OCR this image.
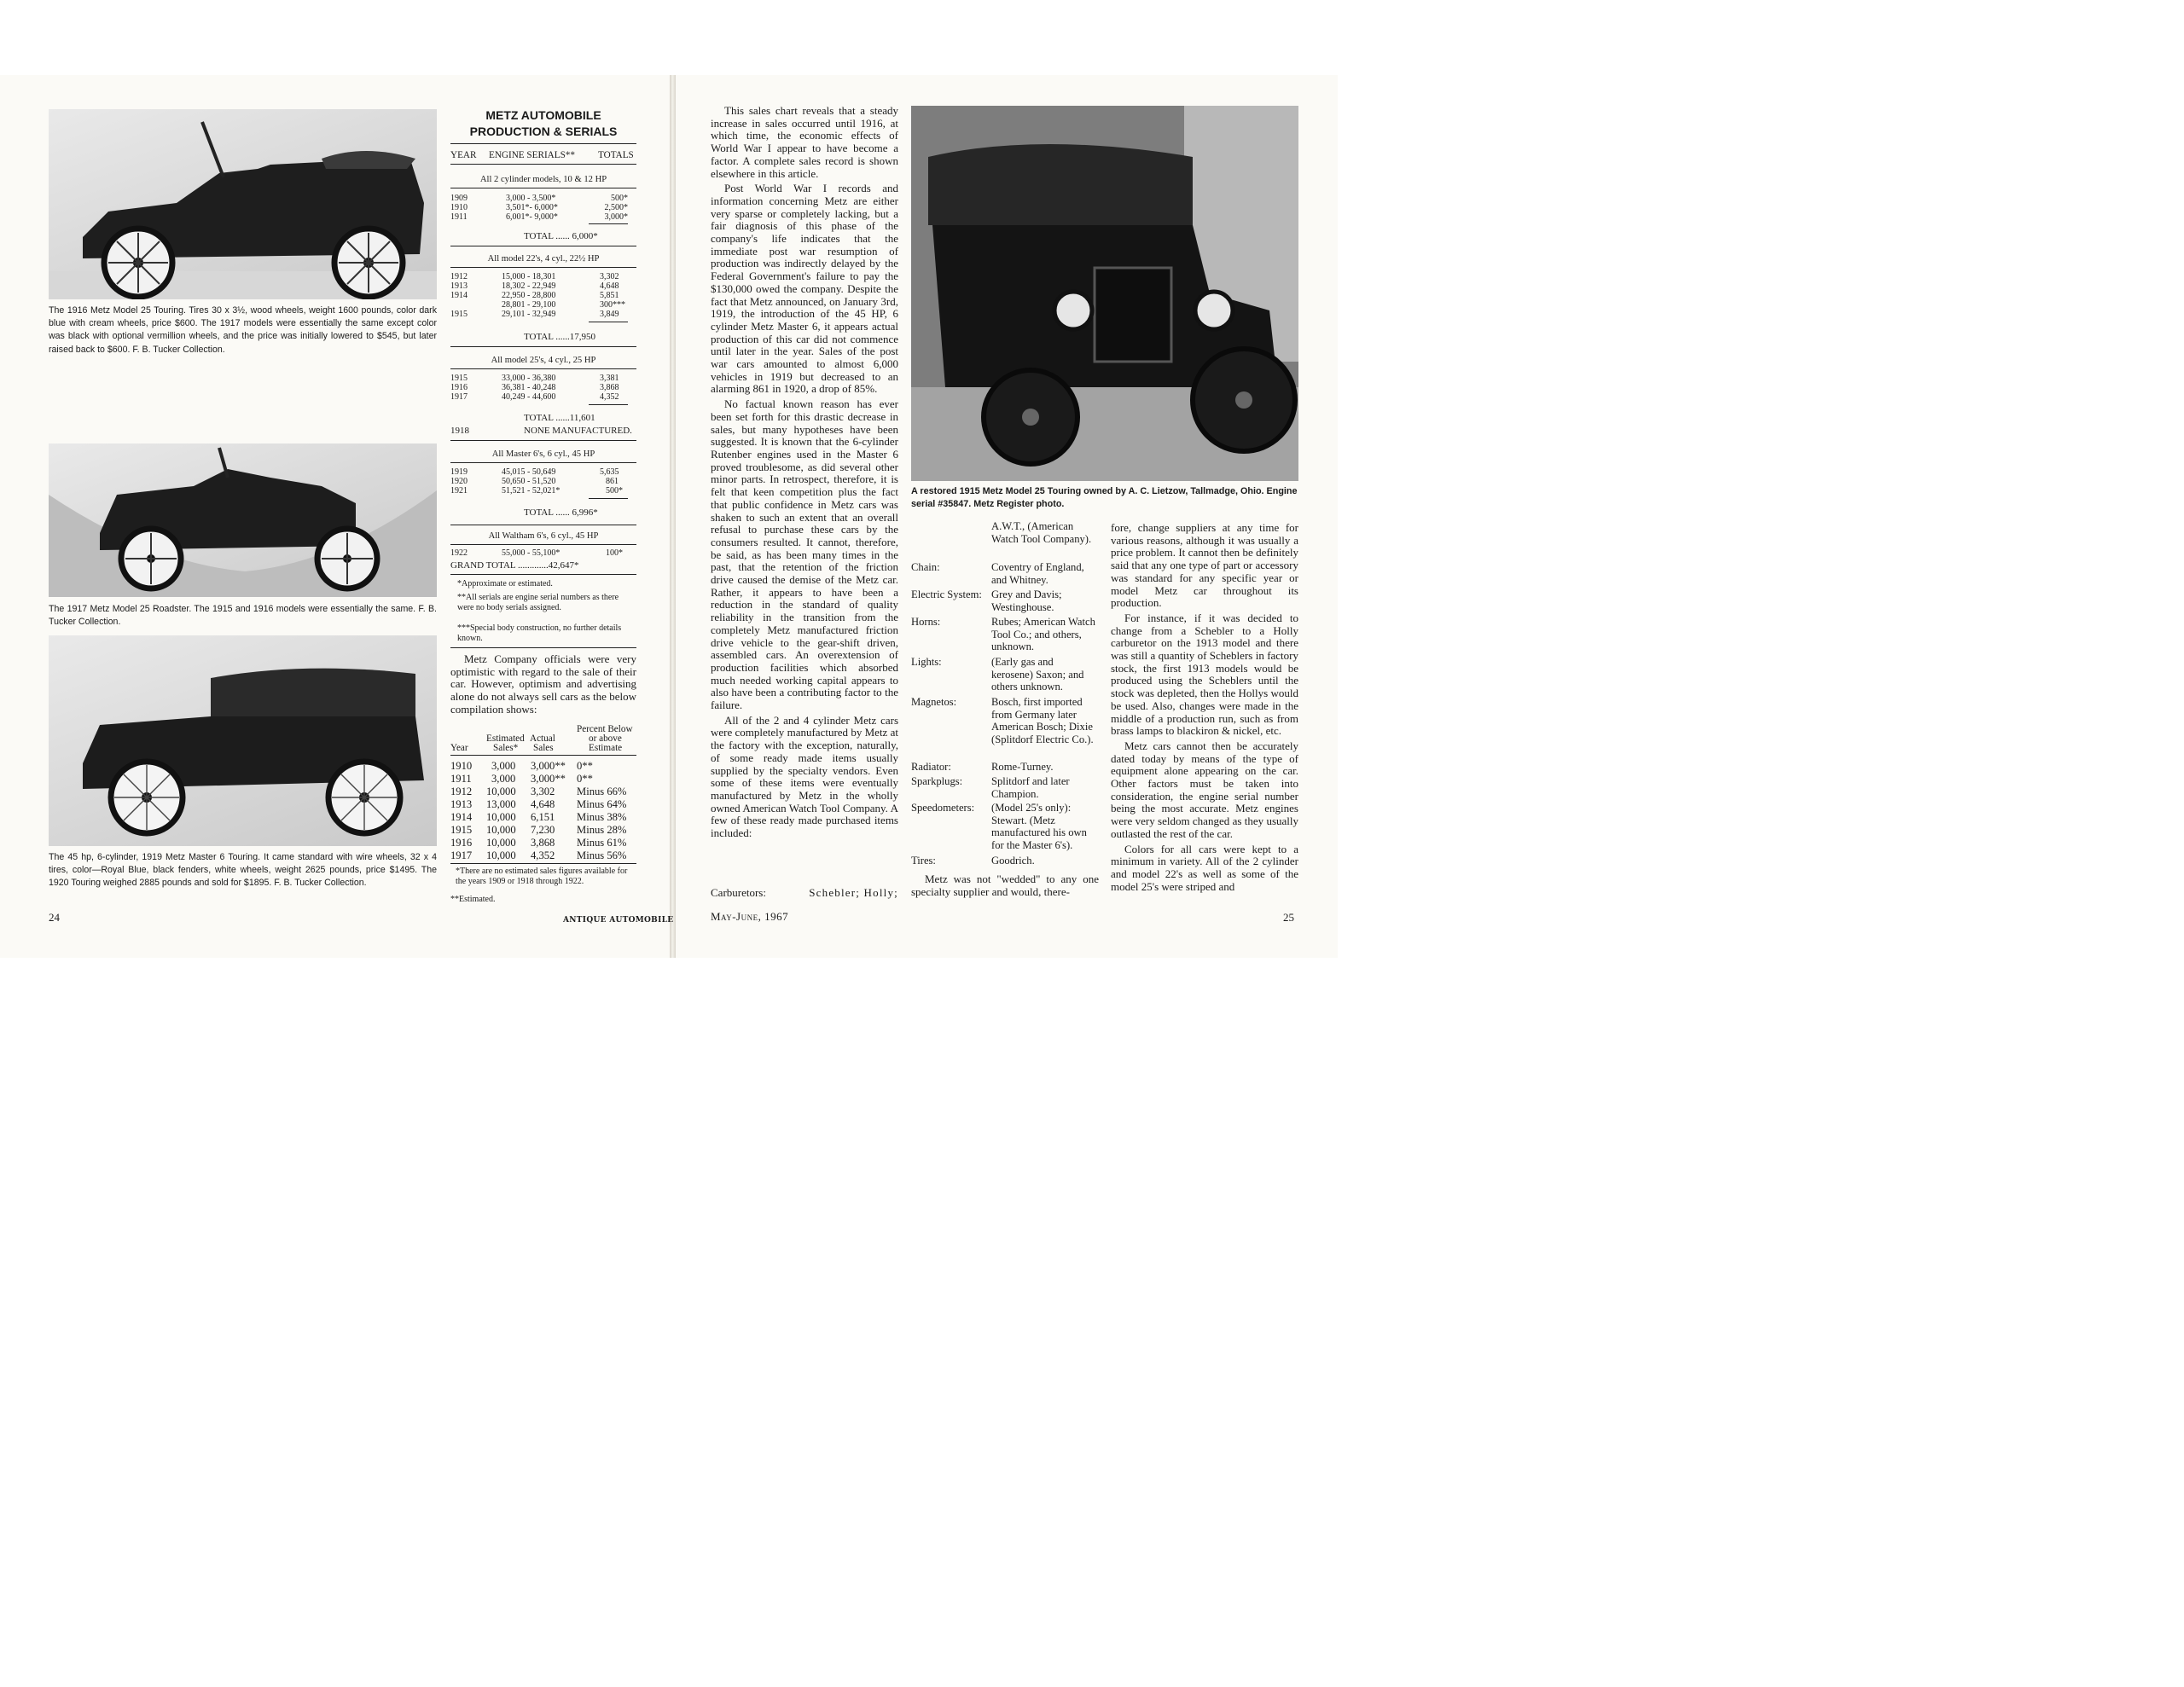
The 1916 Metz Model 25 Touring. Tires 30 x 3½, wood wheels, weight 1600 pounds, color dark blue with cream wheels, price $600. The 1917 models were essentially the same except color was black with optional vermillion wheels, and the price was initially lowered to $545, but later raised back to $600. F. B. Tucker Collection.
The 1917 Metz Model 25 Roadster. The 1915 and 1916 models were essentially the same. F. B. Tucker Collection.
The 45 hp, 6-cylinder, 1919 Metz Master 6 Touring. It came standard with wire wheels, 32 x 4 tires, color—Royal Blue, black fenders, white wheels, weight 2625 pounds, price $1495. The 1920 Touring weighed 2885 pounds and sold for $1895. F. B. Tucker Collection.
24	ANTIQUE AUTOMOBILE
METZ AUTOMOBILE
PRODUCTION & SERIALS
YEAR ENGINE SERIALS** TOTALS
All 2 cylinder models, 10 & 12 HP
1909	3,000 - 3,500*	500*
1910	3,501*- 6,000*	2,500*
1911	6,001*- 9,000*	3,000*
TOTAL ...... 6,000*
All model 22's, 4 cyl., 22½ HP
1912	15,000 - 18,301	3,302
1913	18,302 - 22,949	4,648
1914	22,950 - 28,800	5,851
28,801 - 29,100	300***
1915	29,101 - 32,949	3,849
TOTAL ......17,950
All model 25's, 4 cyl., 25 HP
1915	33,000 - 36,380	3,381
1916	36,381 - 40,248	3,868
1917	40,249 - 44,600	4,352
TOTAL ......11,601
1918	NONE MANUFACTURED.
All Master 6's, 6 cyl., 45 HP
1919	45,015 - 50,649	5,635
1920	50,650 - 51,520	861
1921	51,521 - 52,021*	500*
TOTAL ...... 6,996*
All Waltham 6's, 6 cyl., 45 HP
1922	55,000 - 55,100*	100*
GRAND TOTAL .............42,647*
*Approximate or estimated.
**All serials are engine serial numbers as there were no body serials assigned.
***Special body construction, no further details known.

Metz Company officials were very optimistic with regard to the sale of their car. However, optimism and advertising alone do not always sell cars as the below compilation shows:

Percent Below
Estimated Actual	or above
Year	Sales* Sales	Estimate
1910 3,000 3,000** 0**
1911 3,000 3,000** 0**
1912 10,000 3,302 Minus 66%
1913 13,000 4,648 Minus 64%
1914 10,000 6,151 Minus 38%
1915 10,000 7,230 Minus 28%
1916 10,000 3,868 Minus 61%
1917 10,000 4,352 Minus 56%
*There are no estimated sales figures available for the years 1909 or 1918 through 1922.
**Estimated.

This sales chart reveals that a steady increase in sales occurred until 1916, at which time, the economic effects of World War I appear to have become a factor. A complete sales record is shown elsewhere in this article.

Post World War I records and information concerning Metz are either very sparse or completely lacking, but a fair diagnosis of this phase of the company's life indicates that the immediate post war resumption of production was indirectly delayed by the Federal Government's failure to pay the $130,000 owed the company. Despite the fact that Metz announced, on January 3rd, 1919, the introduction of the 45 HP, 6 cylinder Metz Master 6, it appears actual production of this car did not commence until later in the year. Sales of the post war cars amounted to almost 6,000 vehicles in 1919 but decreased to an alarming 861 in 1920, a drop of 85%.

No factual known reason has ever been set forth for this drastic decrease in sales, but many hypotheses have been suggested. It is known that the 6-cylinder Rutenber engines used in the Master 6 proved troublesome, as did several other minor parts. In retrospect, therefore, it is felt that keen competition plus the fact that public confidence in Metz cars was shaken to such an extent that an overall refusal to purchase these cars by the consumers resulted. It cannot, therefore, be said, as has been many times in the past, that the retention of the friction drive caused the demise of the Metz car. Rather, it appears to have been a reduction in the standard of quality reliability in the transition from the completely Metz manufactured friction drive vehicle to the gear-shift driven, assembled cars. An overextension of production facilities which absorbed much needed working capital appears to also have been a contributing factor to the failure.

All of the 2 and 4 cylinder Metz cars were completely manufactured by Metz at the factory with the exception, naturally, of some ready made items usually supplied by the specialty vendors. Even some of these items were eventually manufactured by Metz in the wholly owned American Watch Tool Company. A few of these ready made purchased items included:

Carburetors:	Schebler; Holly;
A restored 1915 Metz Model 25 Touring owned by A. C. Lietzow, Tallmadge, Ohio. Engine serial #35847. Metz Register photo.
A.W.T., (American Watch Tool Company).
Chain:	Coventry of England, and Whitney.
Electric System: Grey and Davis; Westinghouse.
Horns:	Rubes; American Watch Tool Co.; and others, unknown.
Lights:	(Early gas and kerosene) Saxon; and others unknown.
Magnetos:	Bosch, first imported from Germany later American Bosch; Dixie (Splitdorf Electric Co.).
Radiator:	Rome-Turney.
Sparkplugs:	Splitdorf and later Champion.
Speedometers: (Model 25's only): Stewart. (Metz manufactured his own for the Master 6's).
Tires:	Goodrich.

Metz was not "wedded" to any one specialty supplier and would, there-

fore, change suppliers at any time for various reasons, although it was usually a price problem. It cannot then be definitely said that any one type of part or accessory was standard for any specific year or model Metz car throughout its production.

For instance, if it was decided to change from a Schebler to a Holly carburetor on the 1913 model and there was still a quantity of Scheblers in factory stock, the first 1913 models would be produced using the Scheblers until the stock was depleted, then the Hollys would be used. Also, changes were made in the middle of a production run, such as from brass lamps to blackiron & nickel, etc.

Metz cars cannot then be accurately dated today by means of the type of equipment alone appearing on the car. Other factors must be taken into consideration, the engine serial number being the most accurate. Metz engines were very seldom changed as they usually outlasted the rest of the car.

Colors for all cars were kept to a minimum in variety. All of the 2 cylinder and model 22's as well as some of the model 25's were striped and

May-June, 1967	25
